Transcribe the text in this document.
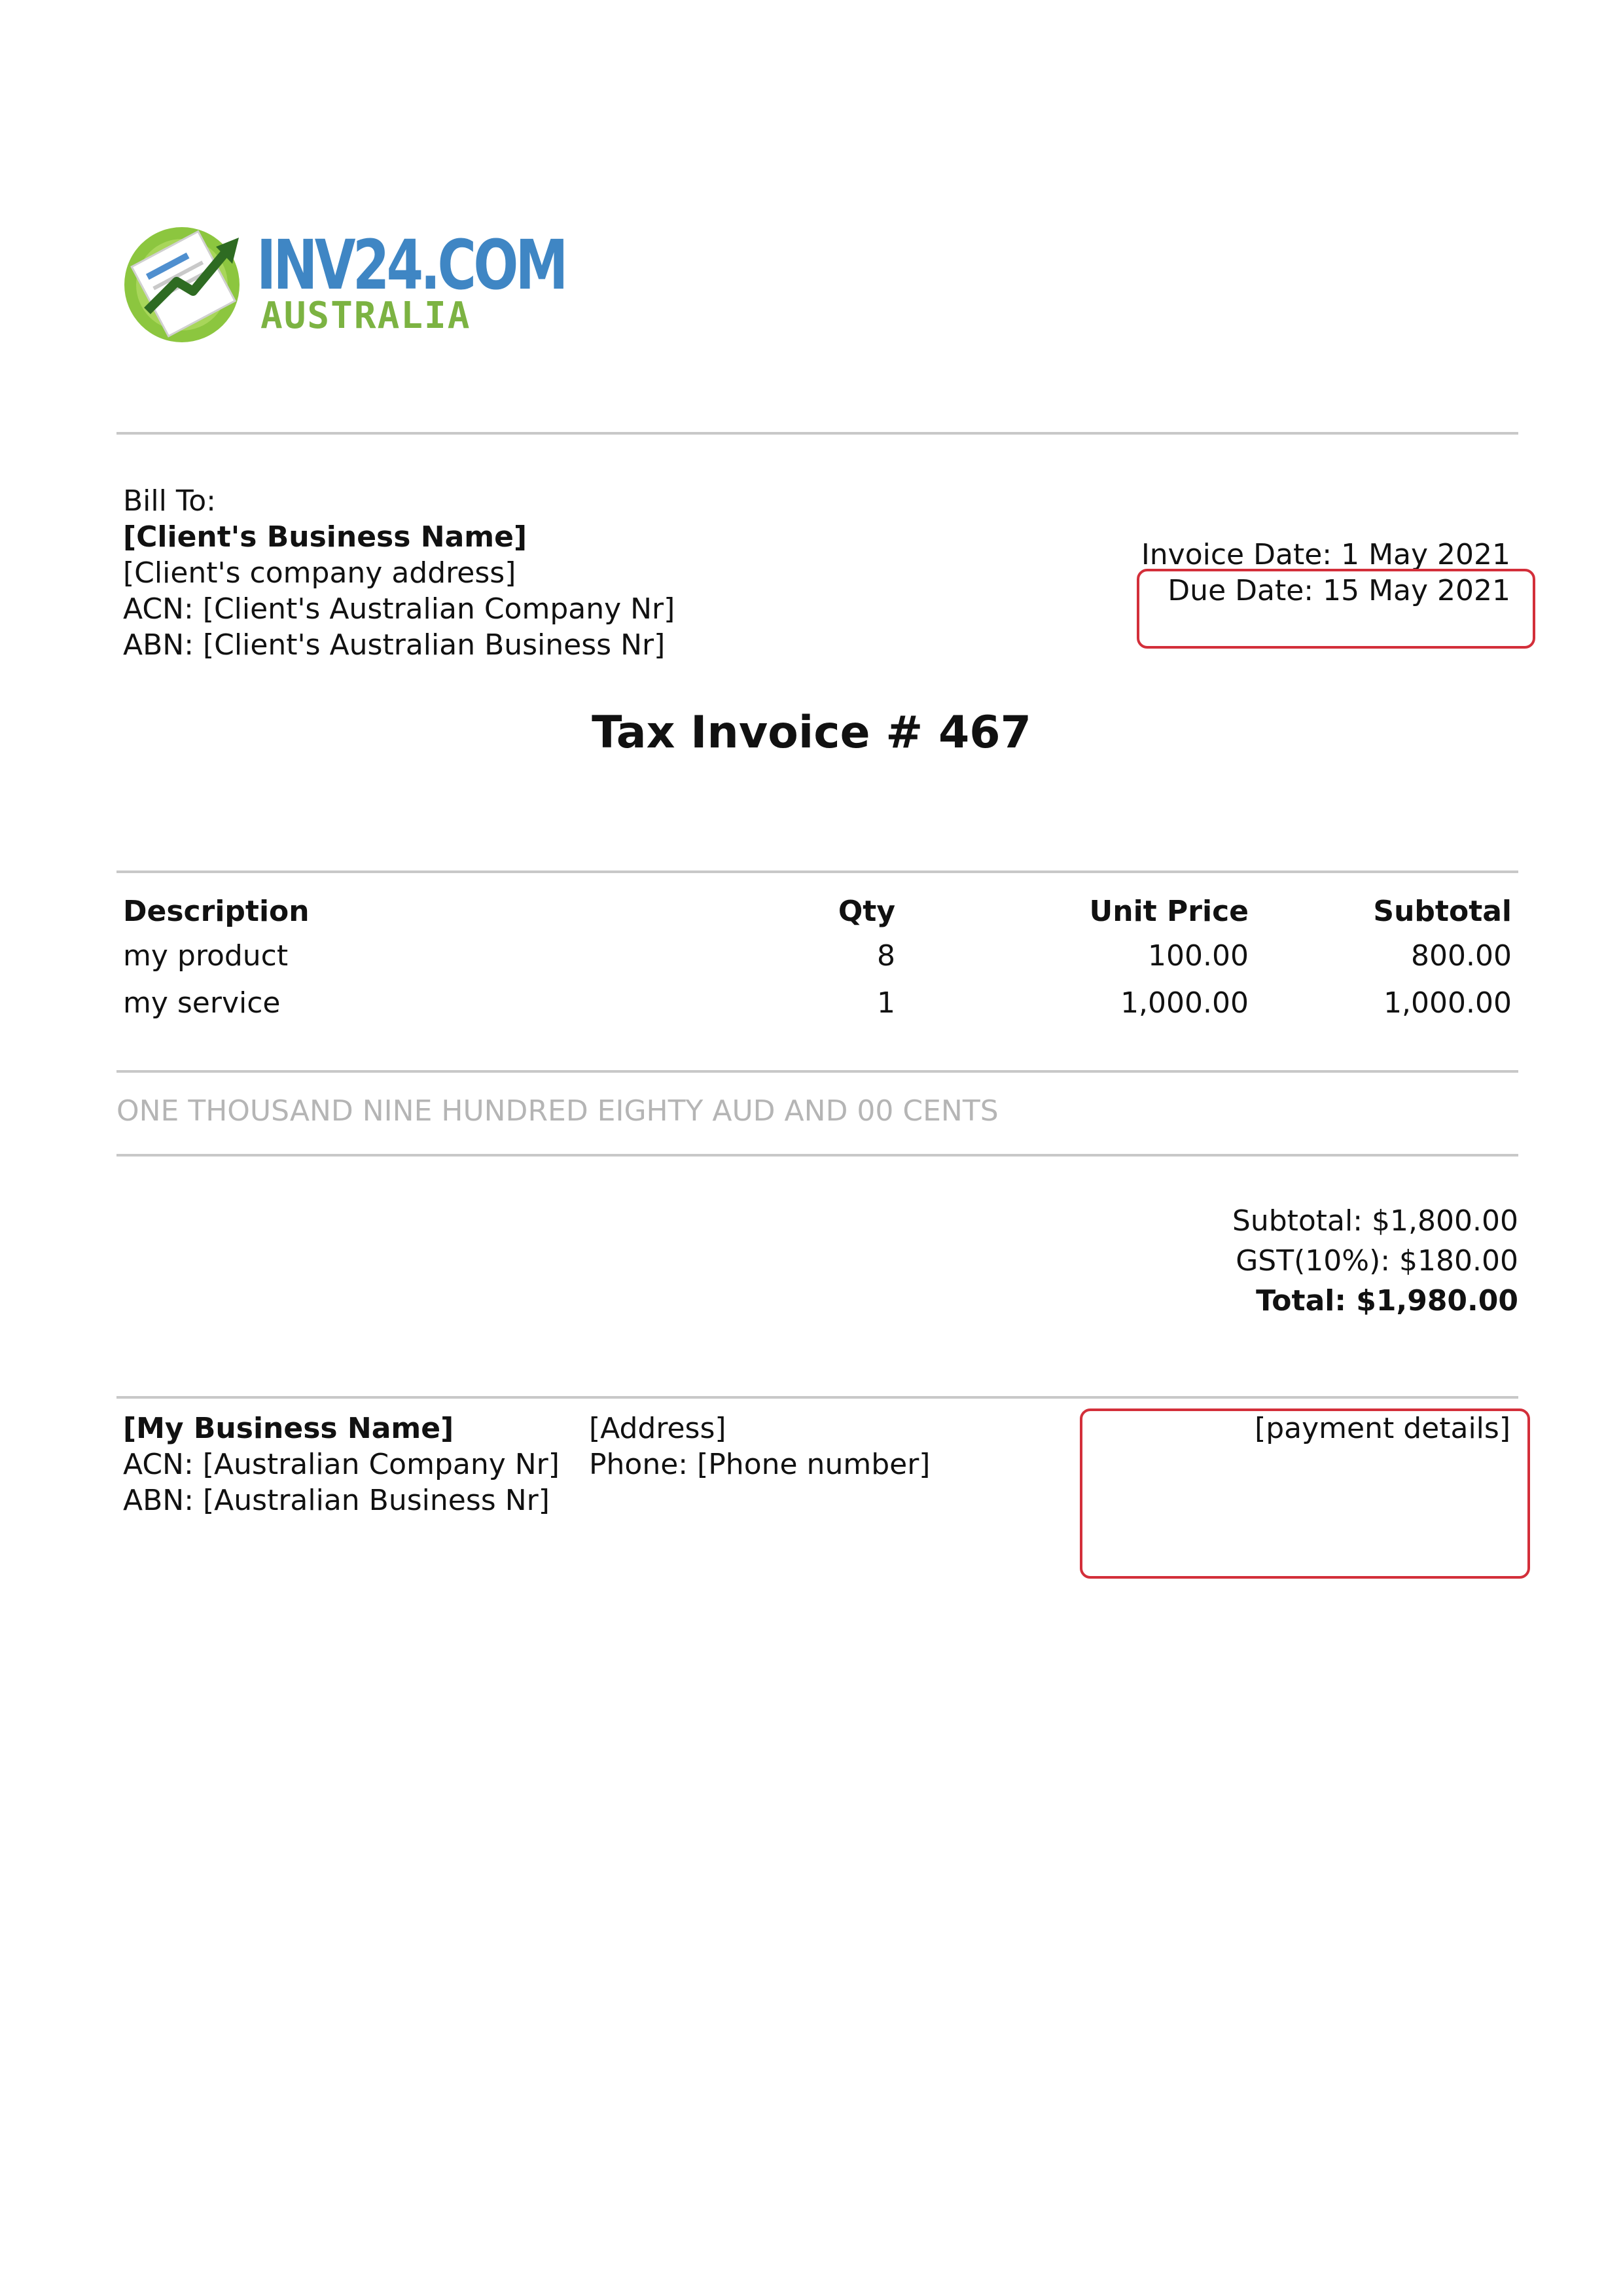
INV24.COM
AUSTRALIA
Bill To:
[Client's Business Name]
[Client's company address]
ACN: [Client's Australian Company Nr]
ABN: [Client's Australian Business Nr]
Invoice Date: 1 May 2021
Due Date: 15 May 2021
Tax Invoice # 467
Description	Qty	Unit Price	Subtotal
my product	8	100.00	800.00
my service	1	1,000.00	1,000.00
ONE THOUSAND NINE HUNDRED EIGHTY AUD AND 00 CENTS
Subtotal: $1,800.00
GST(10%): $180.00
Total: $1,980.00
[My Business Name]
ACN: [Australian Company Nr]
ABN: [Australian Business Nr]
[Address]
Phone: [Phone number]
[payment details]
